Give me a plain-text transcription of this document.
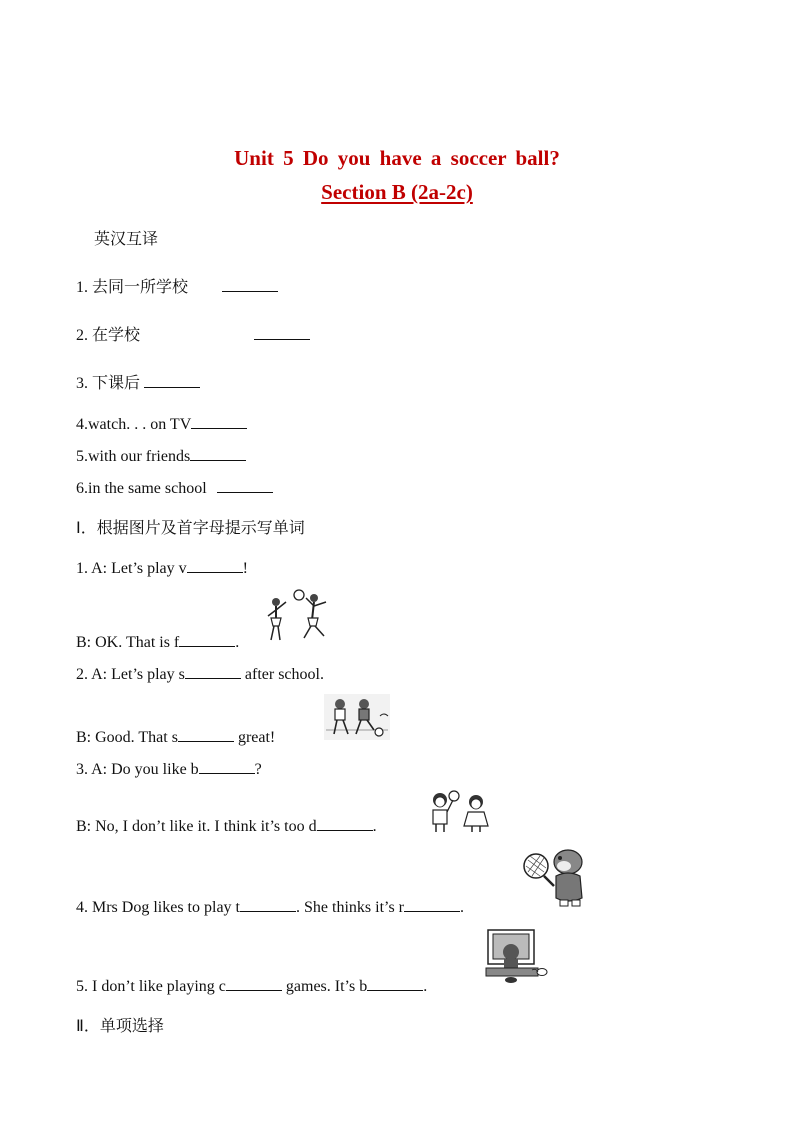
Unit 5 Do you have a soccer ball?
Section B (2a-2c)
英汉互译
1. 去同一所学校
2. 在学校
3. 下课后
4.watch. . . on TV
5.with our friends
6.in the same school
Ⅰ．根据图片及首字母提示写单词
1. A: Let’s play v	!
B: OK. That is f	.
2. A: Let’s play s	after school.
B: Good. That s	great!
3. A: Do you like b	?
B: No, I don’t like it. I think it’s too d	.
4. Mrs Dog likes to play t	. She thinks it’s r	.
5. I don’t like playing c	games. It’s b	.
Ⅱ．单项选择
